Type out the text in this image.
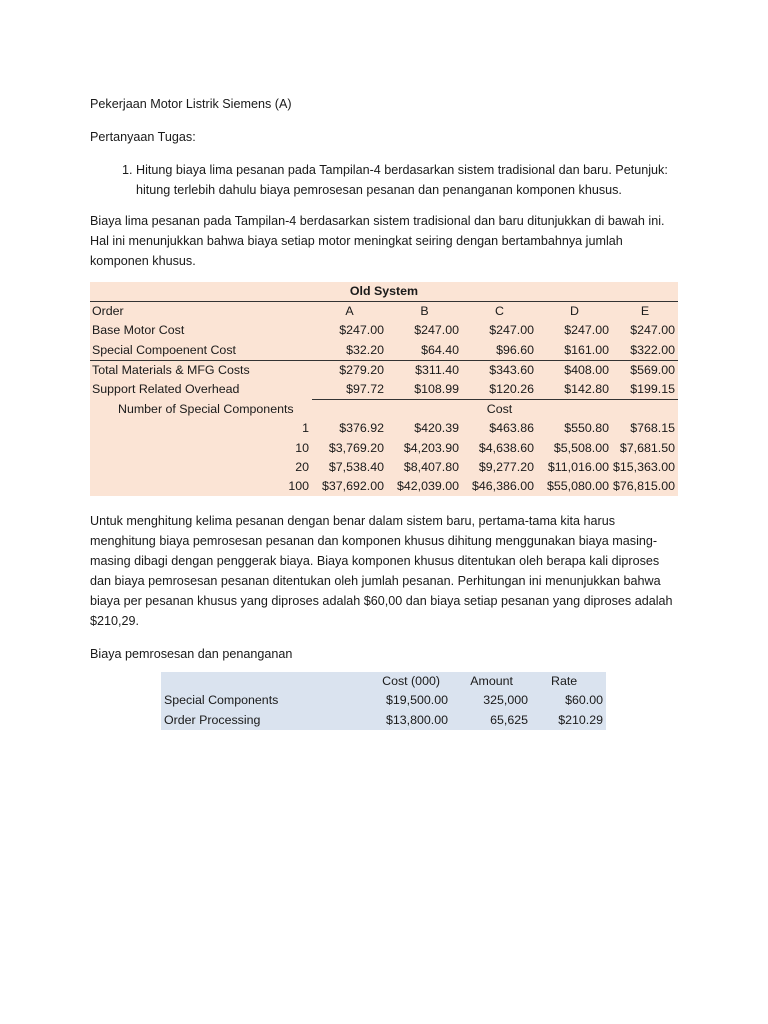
Pekerjaan Motor Listrik Siemens (A)

Pertanyaan Tugas:

1. Hitung biaya lima pesanan pada Tampilan-4 berdasarkan sistem tradisional dan baru. Petunjuk:
hitung terlebih dahulu biaya pemrosesan pesanan dan penanganan komponen khusus.

Biaya lima pesanan pada Tampilan-4 berdasarkan sistem tradisional dan baru ditunjukkan di bawah ini.
Hal ini menunjukkan bahwa biaya setiap motor meningkat seiring dengan bertambahnya jumlah
komponen khusus.

Old System					
Order	A	B	C	D	E
Base Motor Cost	$247.00	$247.00	$247.00	$247.00	$247.00
Special Compoenent Cost	$32.20	$64.40	$96.60	$161.00	$322.00
Total Materials & MFG Costs	$279.20	$311.40	$343.60	$408.00	$569.00
Support Related Overhead	$97.72	$108.99	$120.26	$142.80	$199.15
Number of Special Components			Cost		
1	$376.92	$420.39	$463.86	$550.80	$768.15
10	$3,769.20	$4,203.90	$4,638.60	$5,508.00	$7,681.50
20	$7,538.40	$8,407.80	$9,277.20	$11,016.00	$15,363.00
100	$37,692.00	$42,039.00	$46,386.00	$55,080.00	$76,815.00

Untuk menghitung kelima pesanan dengan benar dalam sistem baru, pertama-tama kita harus
menghitung biaya pemrosesan pesanan dan komponen khusus dihitung menggunakan biaya masing-
masing dibagi dengan penggerak biaya. Biaya komponen khusus ditentukan oleh berapa kali diproses
dan biaya pemrosesan pesanan ditentukan oleh jumlah pesanan. Perhitungan ini menunjukkan bahwa
biaya per pesanan khusus yang diproses adalah $60,00 dan biaya setiap pesanan yang diproses adalah
$210,29.

Biaya pemrosesan dan penanganan

	Cost (000)	Amount	Rate
Special Components	$19,500.00	325,000	$60.00
Order Processing	$13,800.00	65,625	$210.29
